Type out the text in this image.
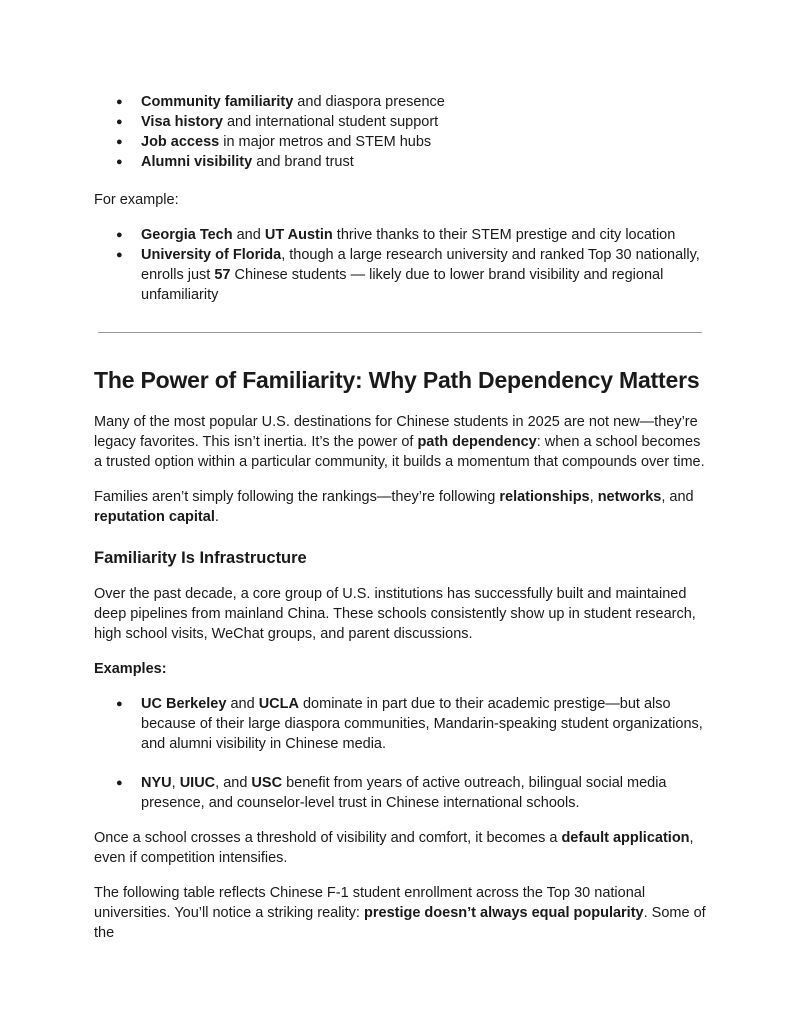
● Community familiarity and diaspora presence
● Visa history and international student support
● Job access in major metros and STEM hubs
● Alumni visibility and brand trust

For example:

● Georgia Tech and UT Austin thrive thanks to their STEM prestige and city location
● University of Florida, though a large research university and ranked Top 30 nationally, enrolls just 57 Chinese students — likely due to lower brand visibility and regional unfamiliarity
The Power of Familiarity: Why Path Dependency Matters

Many of the most popular U.S. destinations for Chinese students in 2025 are not new—they’re legacy favorites. This isn’t inertia. It’s the power of path dependency: when a school becomes a trusted option within a particular community, it builds a momentum that compounds over time.

Families aren’t simply following the rankings—they’re following relationships, networks, and reputation capital.

Familiarity Is Infrastructure

Over the past decade, a core group of U.S. institutions has successfully built and maintained deep pipelines from mainland China. These schools consistently show up in student research, high school visits, WeChat groups, and parent discussions.

Examples:

● UC Berkeley and UCLA dominate in part due to their academic prestige—but also because of their large diaspora communities, Mandarin-speaking student organizations, and alumni visibility in Chinese media.
● NYU, UIUC, and USC benefit from years of active outreach, bilingual social media presence, and counselor-level trust in Chinese international schools.

Once a school crosses a threshold of visibility and comfort, it becomes a default application, even if competition intensifies.

The following table reflects Chinese F-1 student enrollment across the Top 30 national universities. You’ll notice a striking reality: prestige doesn’t always equal popularity. Some of the
